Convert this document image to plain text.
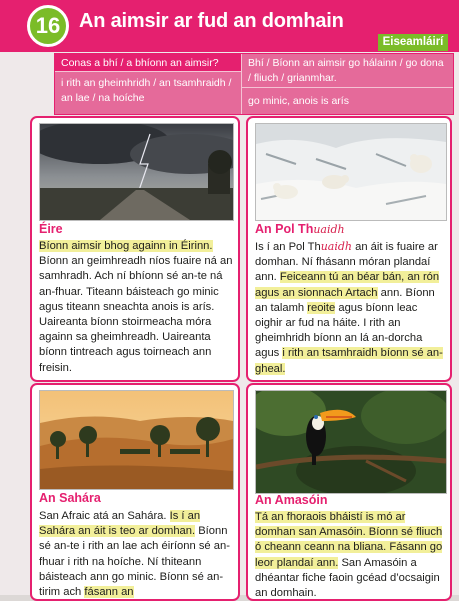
16 An aimsir ar fud an domhain
Eiseamláirí
Conas a bhí / a bhíonn an aimsir?	Bhí / Bíonn an aimsir go hálainn / go dona / fliuch / grianmhar.
i rith an gheimhridh / an tsamhraidh / an lae / na hoíche	go minic, anois is arís
Éire

Bíonn aimsir bhog againn in Éirinn. Bíonn an geimhreadh níos fuaire ná an samhradh. Ach ní bhíonn sé an-te ná an-fhuar. Titeann báisteach go minic agus titeann sneachta anois is arís. Uaireanta bíonn stoirmeacha móra againn sa gheimhreadh. Uaireanta bíonn tintreach agus toirneach ann freisin.

An Pol Thuaidh

Is í an Pol Thuaidh an áit is fuaire ar domhan. Ní fhásann móran plandaí ann. Feiceann tú an béar bán, an rón agus an sionnach Artach ann. Bíonn an talamh reoite agus bíonn leac oighir ar fud na háite. I rith an gheimhridh bíonn an lá an-dorcha agus i rith an tsamhraidh bíonn sé an-gheal.

An Sahára

San Afraic atá an Sahára. Is í an Sahára an áit is teo ar domhan. Bíonn sé an-te i rith an lae ach éiríonn sé an-fhuar i rith na hoíche. Ní thiteann báisteach ann go minic. Bíonn sé an-tirim ach fásann an

An Amasóin

Tá an fhoraois bháistí is mó ar domhan san Amasóin. Bíonn sé fliuch ó cheann ceann na bliana. Fásann go leor plandaí ann. San Amasóin a dhéantar fiche faoin gcéad d’ocsaigin an domhain.
